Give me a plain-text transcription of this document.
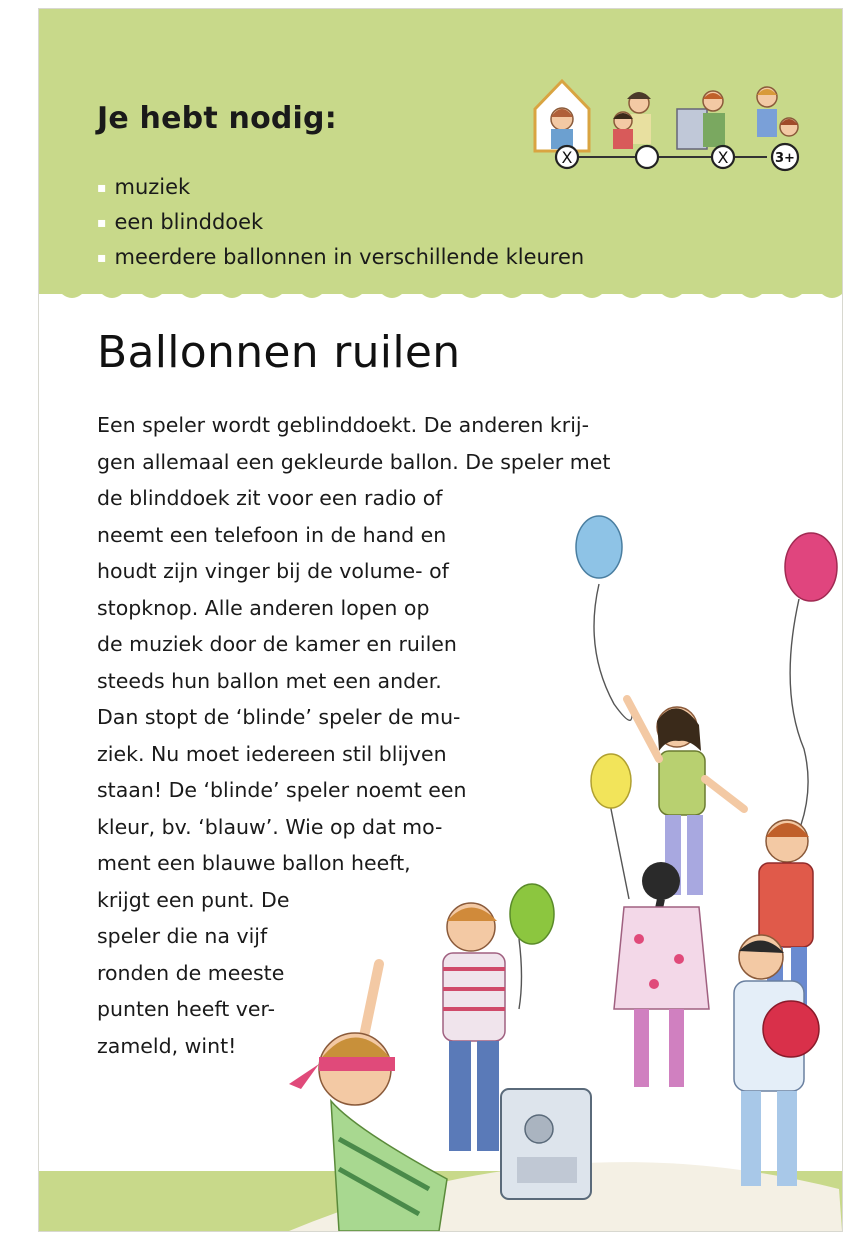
Je hebt nodig:
▪ muziek
▪ een blinddoek
▪ meerdere ballonnen in verschillende kleuren
X	X	3+
Ballonnen ruilen
Een speler wordt geblinddoekt. De anderen krij-
gen allemaal een gekleurde ballon. De speler met
de blinddoek zit voor een radio of
neemt een telefoon in de hand en
houdt zijn vinger bij de volume- of
stopknop. Alle anderen lopen op
de muziek door de kamer en ruilen
steeds hun ballon met een ander.
Dan stopt de ‘blinde’ speler de mu-
ziek. Nu moet iedereen stil blijven
staan! De ‘blinde’ speler noemt een
kleur, bv. ‘blauw’. Wie op dat mo-
ment een blauwe ballon heeft,
krijgt een punt. De
speler die na vijf
ronden de meeste
punten heeft ver-
zameld, wint!
